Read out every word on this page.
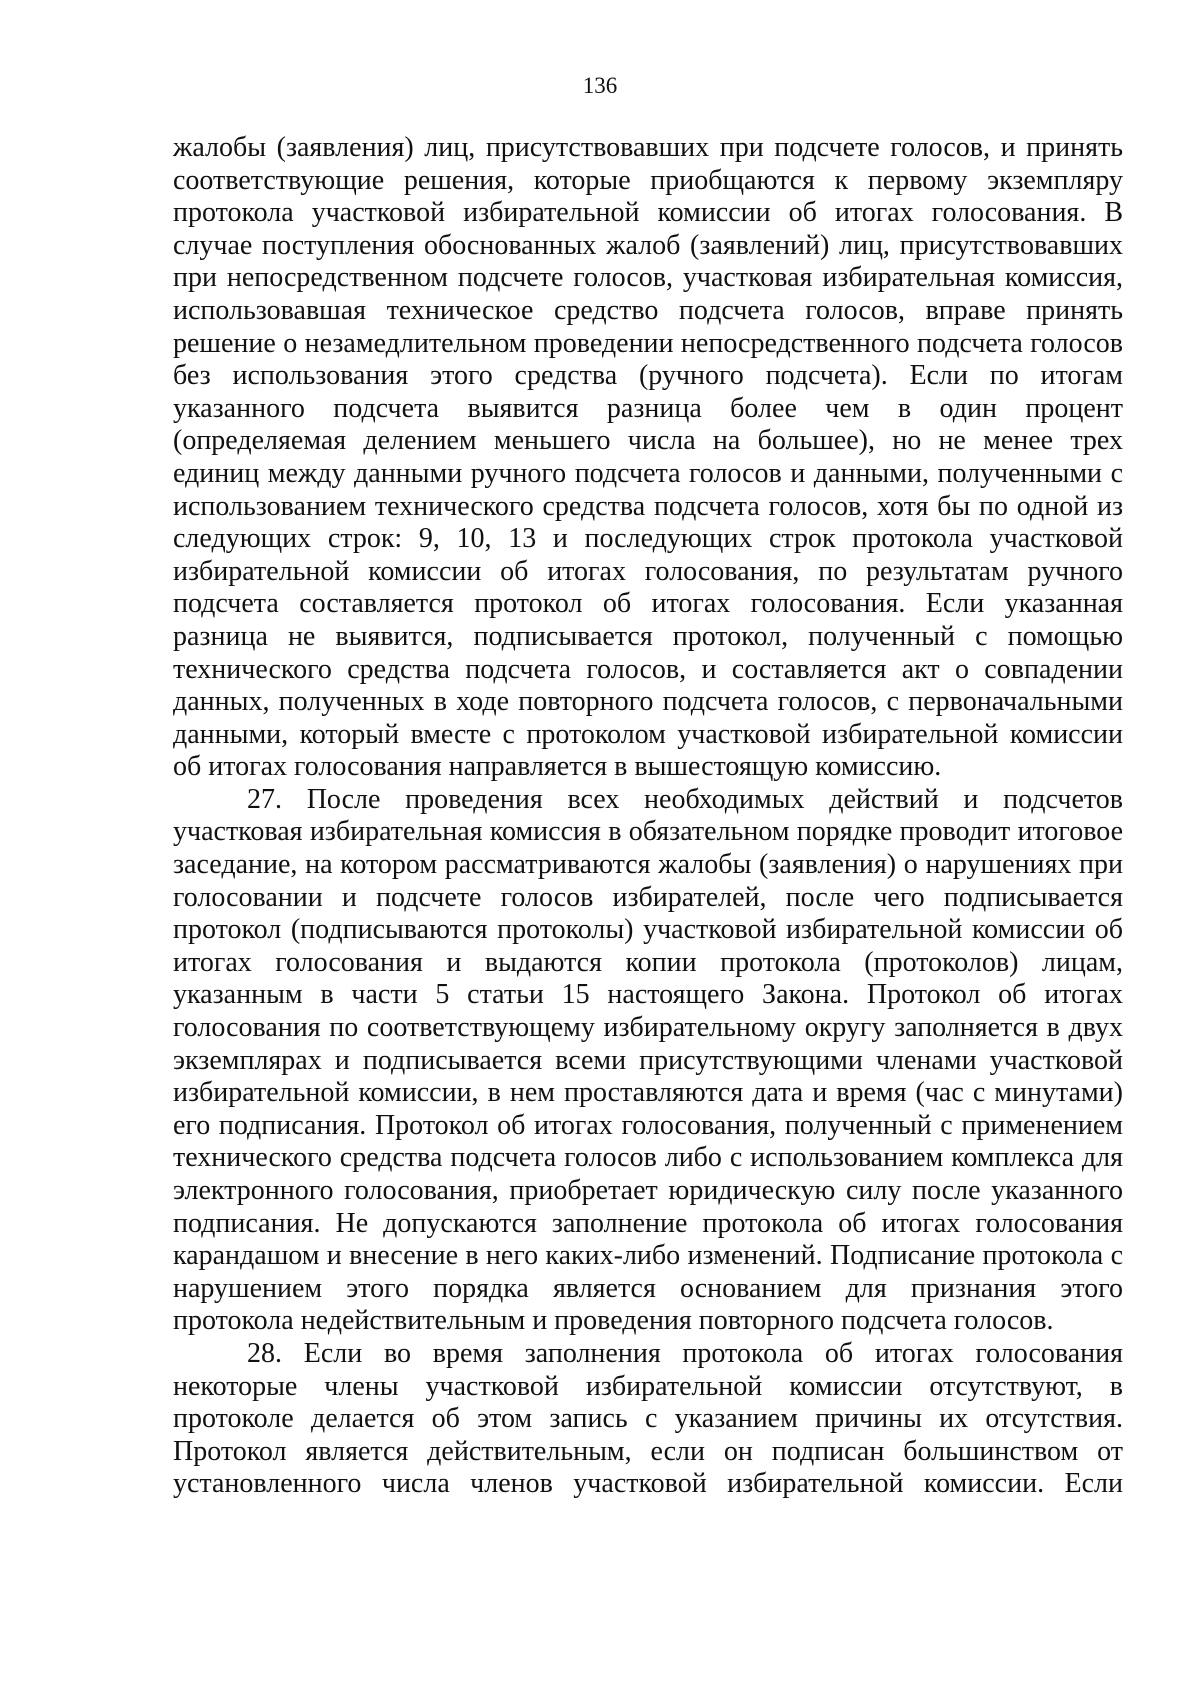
136

жалобы (заявления) лиц, присутствовавших при подсчете голосов, и принять соответствующие решения, которые приобщаются к первому экземпляру протокола участковой избирательной комиссии об итогах голосования. В случае поступления обоснованных жалоб (заявлений) лиц, присутствовавших при непосредственном подсчете голосов, участковая избирательная комиссия, использовавшая техническое средство подсчета голосов, вправе принять решение о незамедлительном проведении непосредственного подсчета голосов без использования этого средства (ручного подсчета). Если по итогам указанного подсчета выявится разница более чем в один процент (определяемая делением меньшего числа на большее), но не менее трех единиц между данными ручного подсчета голосов и данными, полученными с использованием технического средства подсчета голосов, хотя бы по одной из следующих строк: 9, 10, 13 и последующих строк протокола участковой избирательной комиссии об итогах голосования, по результатам ручного подсчета составляется протокол об итогах голосования. Если указанная разница не выявится, подписывается протокол, полученный с помощью технического средства подсчета голосов, и составляется акт о совпадении данных, полученных в ходе повторного подсчета голосов, с первоначальными данными, который вместе с протоколом участковой избирательной комиссии об итогах голосования направляется в вышестоящую комиссию.

27. После проведения всех необходимых действий и подсчетов участковая избирательная комиссия в обязательном порядке проводит итоговое заседание, на котором рассматриваются жалобы (заявления) о нарушениях при голосовании и подсчете голосов избирателей, после чего подписывается протокол (подписываются протоколы) участковой избирательной комиссии об итогах голосования и выдаются копии протокола (протоколов) лицам, указанным в части 5 статьи 15 настоящего Закона. Протокол об итогах голосования по соответствующему избирательному округу заполняется в двух экземплярах и подписывается всеми присутствующими членами участковой избирательной комиссии, в нем проставляются дата и время (час с минутами) его подписания. Протокол об итогах голосования, полученный с применением технического средства подсчета голосов либо с использованием комплекса для электронного голосования, приобретает юридическую силу после указанного подписания. Не допускаются заполнение протокола об итогах голосования карандашом и внесение в него каких-либо изменений. Подписание протокола с нарушением этого порядка является основанием для признания этого протокола недействительным и проведения повторного подсчета голосов.

28. Если во время заполнения протокола об итогах голосования некоторые члены участковой избирательной комиссии отсутствуют, в протоколе делается об этом запись с указанием причины их отсутствия. Протокол является действительным, если он подписан большинством от установленного числа членов участковой избирательной комиссии. Если
